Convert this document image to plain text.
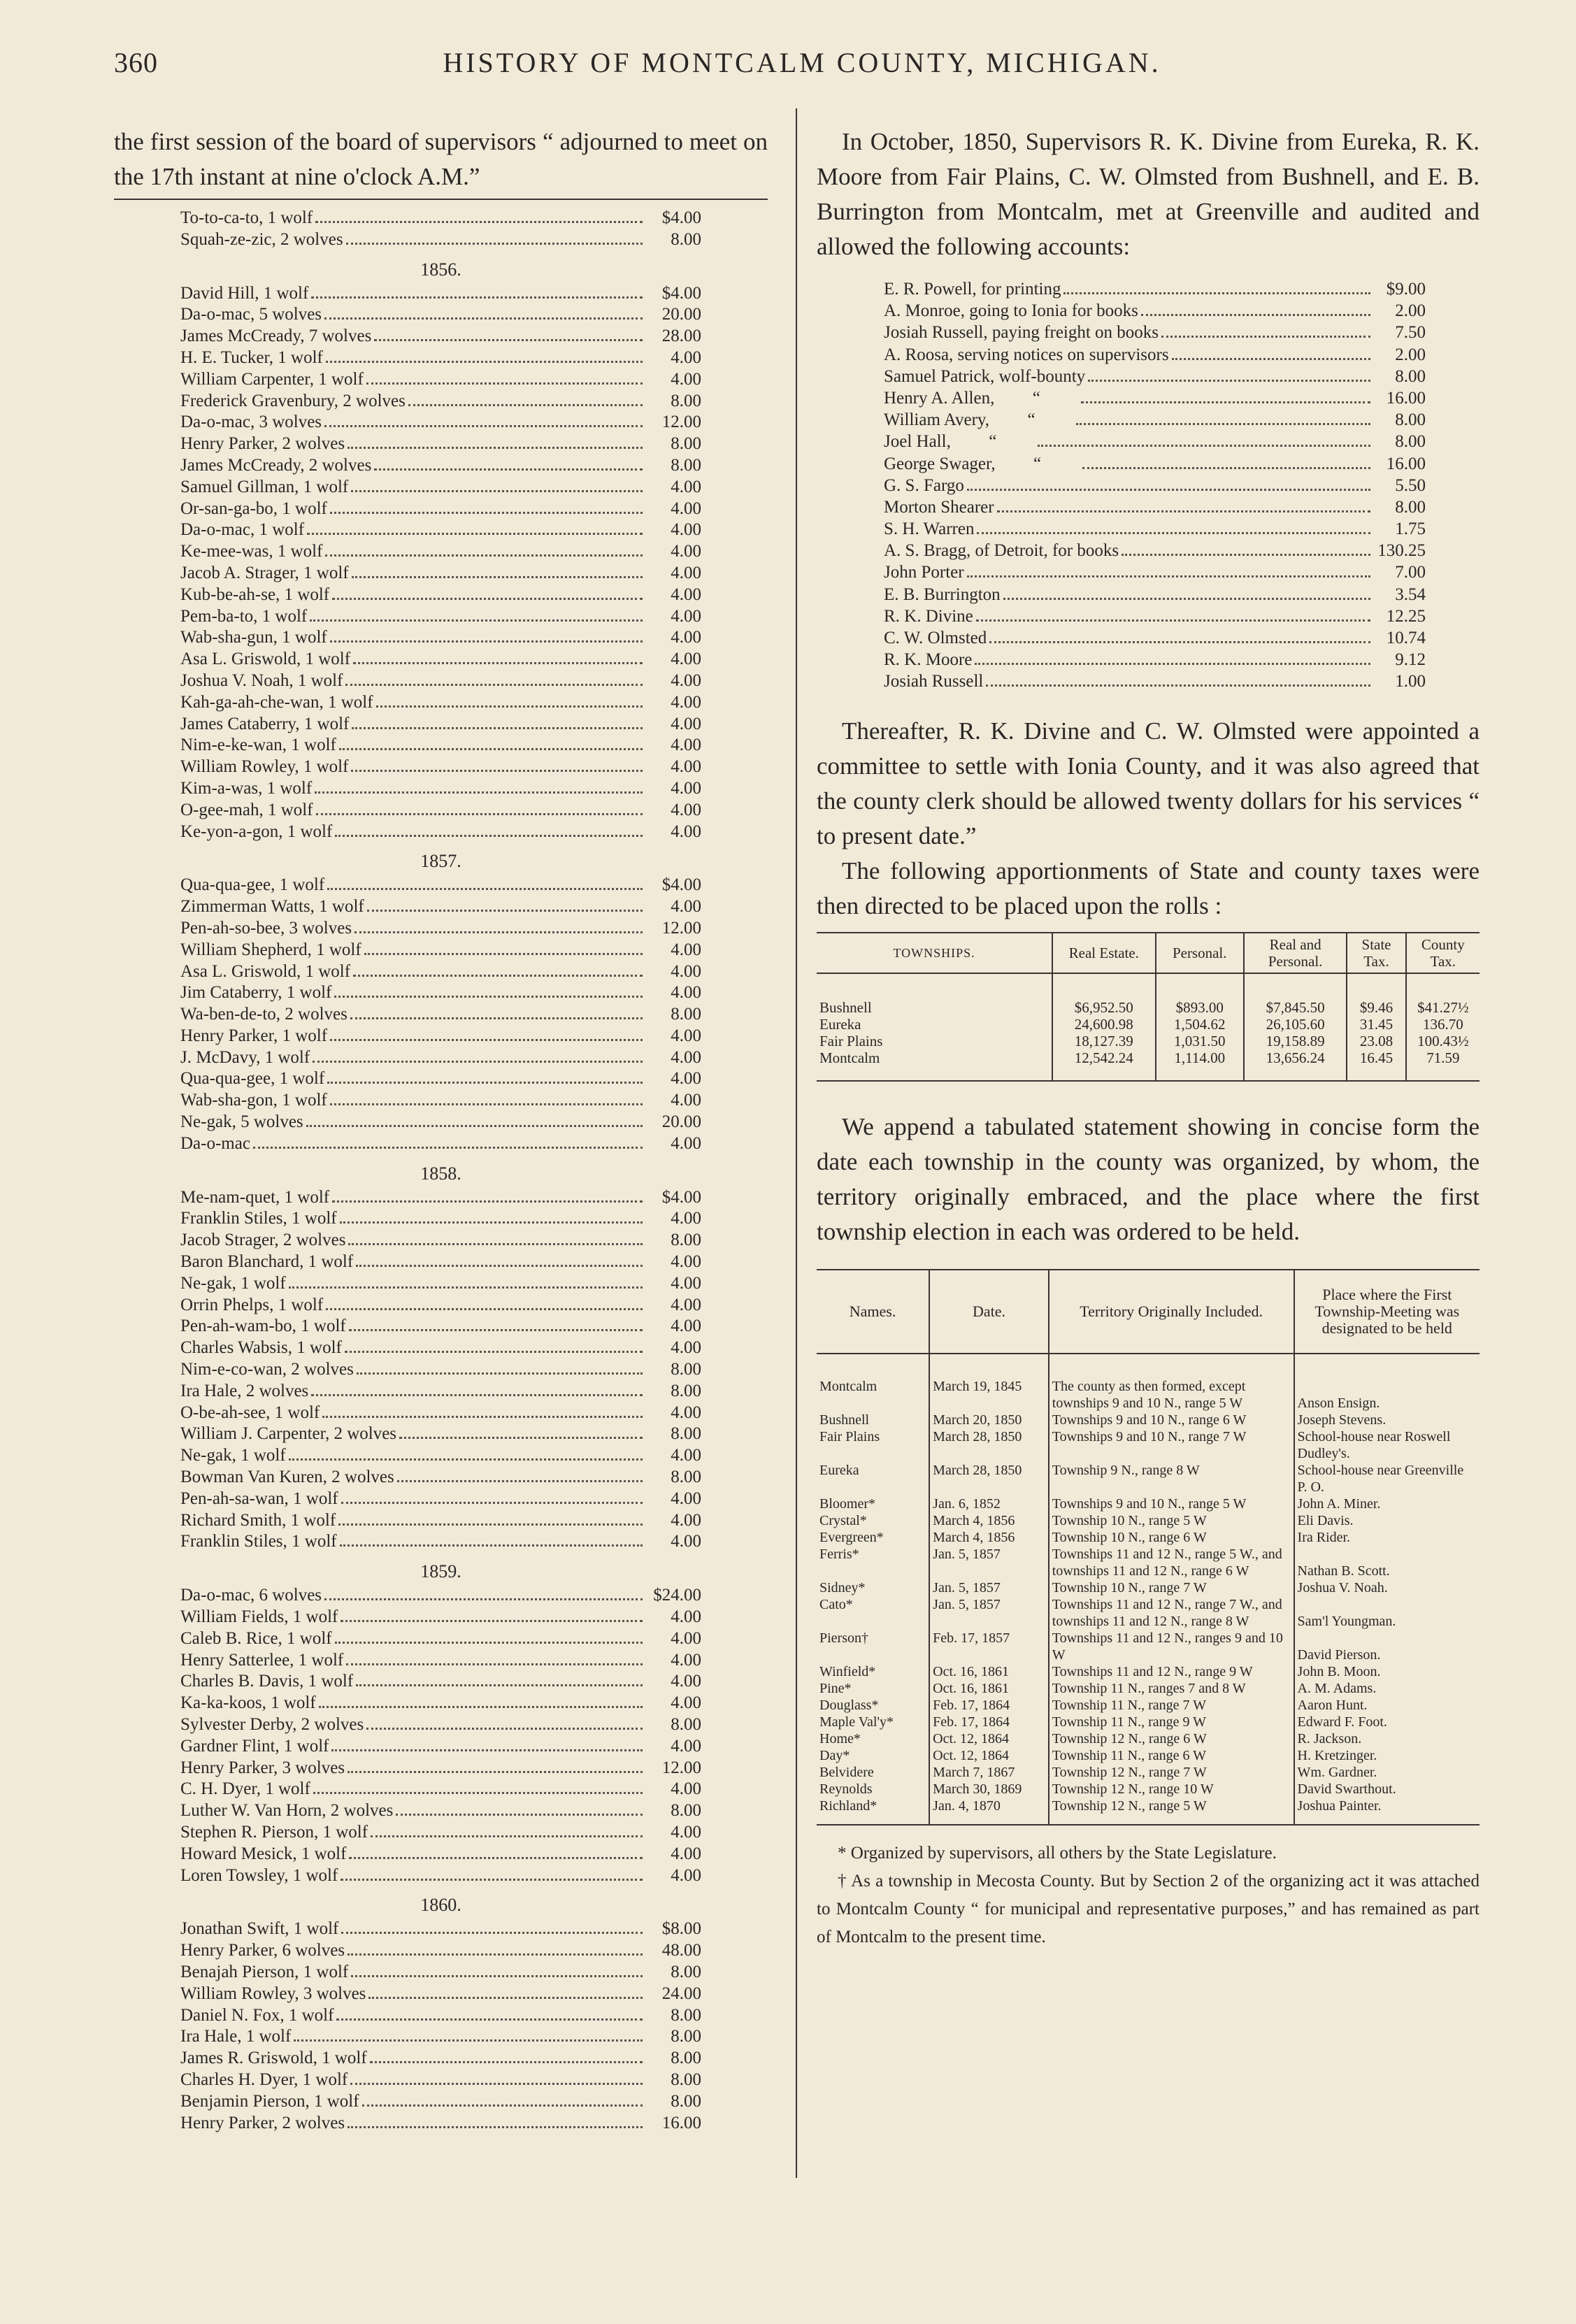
360	HISTORY OF MONTCALM COUNTY, MICHIGAN.

the first session of the board of supervisors “ adjourned to meet on the 17th instant at nine o'clock A.M.”

To-to-ca-to, 1 wolf	$4.00
Squah-ze-zic, 2 wolves	8.00
1856.
David Hill, 1 wolf	$4.00
Da-o-mac, 5 wolves	20.00
James McCready, 7 wolves	28.00
H. E. Tucker, 1 wolf	4.00
William Carpenter, 1 wolf	4.00
Frederick Gravenbury, 2 wolves	8.00
Da-o-mac, 3 wolves	12.00
Henry Parker, 2 wolves	8.00
James McCready, 2 wolves	8.00
Samuel Gillman, 1 wolf	4.00
Or-san-ga-bo, 1 wolf	4.00
Da-o-mac, 1 wolf	4.00
Ke-mee-was, 1 wolf	4.00
Jacob A. Strager, 1 wolf	4.00
Kub-be-ah-se, 1 wolf	4.00
Pem-ba-to, 1 wolf	4.00
Wab-sha-gun, 1 wolf	4.00
Asa L. Griswold, 1 wolf	4.00
Joshua V. Noah, 1 wolf	4.00
Kah-ga-ah-che-wan, 1 wolf	4.00
James Cataberry, 1 wolf	4.00
Nim-e-ke-wan, 1 wolf	4.00
William Rowley, 1 wolf	4.00
Kim-a-was, 1 wolf	4.00
O-gee-mah, 1 wolf	4.00
Ke-yon-a-gon, 1 wolf	4.00
1857.
Qua-qua-gee, 1 wolf	$4.00
Zimmerman Watts, 1 wolf	4.00
Pen-ah-so-bee, 3 wolves	12.00
William Shepherd, 1 wolf	4.00
Asa L. Griswold, 1 wolf	4.00
Jim Cataberry, 1 wolf	4.00
Wa-ben-de-to, 2 wolves	8.00
Henry Parker, 1 wolf	4.00
J. McDavy, 1 wolf	4.00
Qua-qua-gee, 1 wolf	4.00
Wab-sha-gon, 1 wolf	4.00
Ne-gak, 5 wolves	20.00
Da-o-mac	4.00
1858.
Me-nam-quet, 1 wolf	$4.00
Franklin Stiles, 1 wolf	4.00
Jacob Strager, 2 wolves	8.00
Baron Blanchard, 1 wolf	4.00
Ne-gak, 1 wolf	4.00
Orrin Phelps, 1 wolf	4.00
Pen-ah-wam-bo, 1 wolf	4.00
Charles Wabsis, 1 wolf	4.00
Nim-e-co-wan, 2 wolves	8.00
Ira Hale, 2 wolves	8.00
O-be-ah-see, 1 wolf	4.00
William J. Carpenter, 2 wolves	8.00
Ne-gak, 1 wolf	4.00
Bowman Van Kuren, 2 wolves	8.00
Pen-ah-sa-wan, 1 wolf	4.00
Richard Smith, 1 wolf	4.00
Franklin Stiles, 1 wolf	4.00
1859.
Da-o-mac, 6 wolves	$24.00
William Fields, 1 wolf	4.00
Caleb B. Rice, 1 wolf	4.00
Henry Satterlee, 1 wolf	4.00
Charles B. Davis, 1 wolf	4.00
Ka-ka-koos, 1 wolf	4.00
Sylvester Derby, 2 wolves	8.00
Gardner Flint, 1 wolf	4.00
Henry Parker, 3 wolves	12.00
C. H. Dyer, 1 wolf	4.00
Luther W. Van Horn, 2 wolves	8.00
Stephen R. Pierson, 1 wolf	4.00
Howard Mesick, 1 wolf	4.00
Loren Towsley, 1 wolf	4.00
1860.
Jonathan Swift, 1 wolf	$8.00
Henry Parker, 6 wolves	48.00
Benajah Pierson, 1 wolf	8.00
William Rowley, 3 wolves	24.00
Daniel N. Fox, 1 wolf	8.00
Ira Hale, 1 wolf	8.00
James R. Griswold, 1 wolf	8.00
Charles H. Dyer, 1 wolf	8.00
Benjamin Pierson, 1 wolf	8.00
Henry Parker, 2 wolves	16.00

In October, 1850, Supervisors R. K. Divine from Eureka, R. K. Moore from Fair Plains, C. W. Olmsted from Bushnell, and E. B. Burrington from Montcalm, met at Greenville and audited and allowed the following accounts:

E. R. Powell, for printing	$9.00
A. Monroe, going to Ionia for books	2.00
Josiah Russell, paying freight on books	7.50
A. Roosa, serving notices on supervisors	2.00
Samuel Patrick, wolf-bounty	8.00
Henry A. Allen,	“	16.00
William Avery,	“	8.00
Joel Hall,	“	8.00
George Swager,	“	16.00
G. S. Fargo	5.50
Morton Shearer	8.00
S. H. Warren	1.75
A. S. Bragg, of Detroit, for books	130.25
John Porter	7.00
E. B. Burrington	3.54
R. K. Divine	12.25
C. W. Olmsted	10.74
R. K. Moore	9.12
Josiah Russell	1.00

Thereafter, R. K. Divine and C. W. Olmsted were appointed a committee to settle with Ionia County, and it was also agreed that the county clerk should be allowed twenty dollars for his services “ to present date.”

The following apportionments of State and county taxes were then directed to be placed upon the rolls :

TOWNSHIPS.	Real Estate.	Personal.	Real and Personal.	State Tax.	County Tax.
Bushnell	$6,952.50	$893.00	$7,845.50	$9.46	$41.27½
Eureka	24,600.98	1,504.62	26,105.60	31.45	136.70
Fair Plains	18,127.39	1,031.50	19,158.89	23.08	100.43½
Montcalm	12,542.24	1,114.00	13,656.24	16.45	71.59

We append a tabulated statement showing in concise form the date each township in the county was organized, by whom, the territory originally embraced, and the place where the first township election in each was ordered to be held.

Names.	Date.	Territory Originally Included.	Place where the First Township-Meeting was designated to be held
Montcalm	March 19, 1845	The county as then formed, except townships 9 and 10 N., range 5 W	Anson Ensign.
Bushnell	March 20, 1850	Townships 9 and 10 N., range 6 W	Joseph Stevens.
Fair Plains	March 28, 1850	Townships 9 and 10 N., range 7 W	School-house near Roswell Dudley's.
Eureka	March 28, 1850	Township 9 N., range 8 W	School-house near Greenville P. O.
Bloomer*	Jan. 6, 1852	Townships 9 and 10 N., range 5 W	John A. Miner.
Crystal*	March 4, 1856	Township 10 N., range 5 W	Eli Davis.
Evergreen*	March 4, 1856	Township 10 N., range 6 W	Ira Rider.
Ferris*	Jan. 5, 1857	Townships 11 and 12 N., range 5 W., and townships 11 and 12 N., range 6 W	Nathan B. Scott.
Sidney*	Jan. 5, 1857	Township 10 N., range 7 W	Joshua V. Noah.
Cato*	Jan. 5, 1857	Townships 11 and 12 N., range 7 W., and townships 11 and 12 N., range 8 W	Sam'l Youngman.
Pierson†	Feb. 17, 1857	Townships 11 and 12 N., ranges 9 and 10 W	David Pierson.
Winfield*	Oct. 16, 1861	Townships 11 and 12 N., range 9 W	John B. Moon.
Pine*	Oct. 16, 1861	Township 11 N., ranges 7 and 8 W	A. M. Adams.
Douglass*	Feb. 17, 1864	Township 11 N., range 7 W	Aaron Hunt.
Maple Val'y*	Feb. 17, 1864	Township 11 N., range 9 W	Edward F. Foot.
Home*	Oct. 12, 1864	Township 12 N., range 6 W	R. Jackson.
Day*	Oct. 12, 1864	Township 11 N., range 6 W	H. Kretzinger.
Belvidere	March 7, 1867	Township 12 N., range 7 W	Wm. Gardner.
Reynolds	March 30, 1869	Township 12 N., range 10 W	David Swarthout.
Richland*	Jan. 4, 1870	Township 12 N., range 5 W	Joshua Painter.

* Organized by supervisors, all others by the State Legislature.

† As a township in Mecosta County. But by Section 2 of the organizing act it was attached to Montcalm County “ for municipal and representative purposes,” and has remained as part of Montcalm to the present time.
